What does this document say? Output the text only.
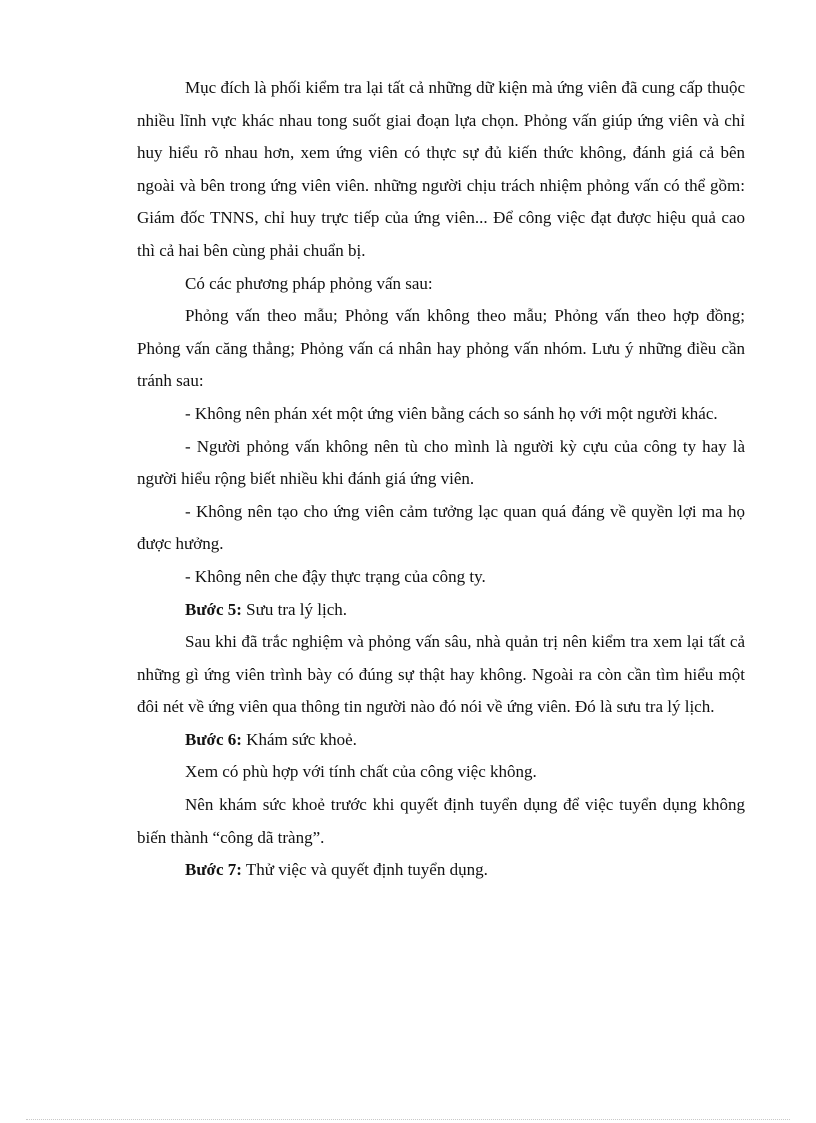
Mục đích là phối kiểm tra lại tất cả những dữ kiện mà ứng viên đã cung cấp thuộc nhiều lĩnh vực khác nhau tong suốt giai đoạn lựa chọn. Phỏng vấn giúp ứng viên và chỉ huy hiểu rõ nhau hơn, xem ứng viên có thực sự đủ kiến thức không, đánh giá cả bên ngoài và bên trong ứng viên viên. những người chịu trách nhiệm phỏng vấn có thể gồm: Giám đốc TNNS, chỉ huy trực tiếp của ứng viên... Để công việc đạt được hiệu quả cao thì cả hai bên cùng phải chuẩn bị.

Có các phương pháp phỏng vấn sau:

Phỏng vấn theo mẫu; Phỏng vấn không theo mẫu; Phỏng vấn theo hợp đồng; Phỏng vấn căng thẳng; Phỏng vấn cá nhân hay phỏng vấn nhóm. Lưu ý những điều cần tránh sau:

- Không nên phán xét một ứng viên bằng cách so sánh họ với một người khác.

- Người phỏng vấn không nên tù cho mình là người kỳ cựu của công ty hay là người hiểu rộng biết nhiều khi đánh giá ứng viên.

- Không nên tạo cho ứng viên cảm tưởng lạc quan quá đáng về quyền lợi ma họ được hưởng.

- Không nên che đậy thực trạng của công ty.

Bước 5: Sưu tra lý lịch.

Sau khi đã trắc nghiệm và phỏng vấn sâu, nhà quản trị nên kiểm tra xem lại tất cả những gì ứng viên trình bày có đúng sự thật hay không. Ngoài ra còn cần tìm hiểu một đôi nét về ứng viên qua thông tin người nào đó nói về ứng viên. Đó là sưu tra lý lịch.

Bước 6: Khám sức khoẻ.

Xem có phù hợp với tính chất của công việc không.

Nên khám sức khoẻ trước khi quyết định tuyển dụng để việc tuyển dụng không biến thành “công dã tràng”.

Bước 7: Thử việc và quyết định tuyển dụng.
